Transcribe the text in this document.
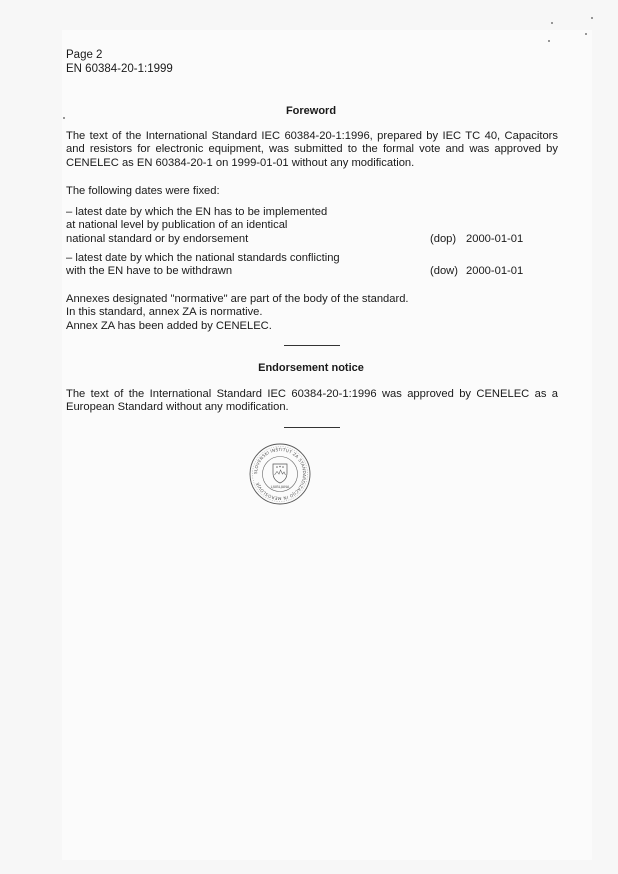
Page 2
EN 60384-20-1:1999
Foreword
The text of the International Standard IEC 60384-20-1:1996, prepared by IEC TC 40, Capacitors and resistors for electronic equipment, was submitted to the formal vote and was approved by CENELEC as EN 60384-20-1 on 1999-01-01 without any modification.
The following dates were fixed:
– latest date by which the EN has to be implemented
at national level by publication of an identical
national standard or by endorsement	(dop) 2000-01-01
– latest date by which the national standards conflicting
with the EN have to be withdrawn	(dow) 2000-01-01
Annexes designated "normative" are part of the body of the standard.
In this standard, annex ZA is normative.
Annex ZA has been added by CENELEC.
Endorsement notice
The text of the International Standard IEC 60384-20-1:1996 was approved by CENELEC as a European Standard without any modification.
SLOVENSKI INŠTITUT ZA STANDARDIZACIJO IN MEROSLOVJE
LJUBLJANA
